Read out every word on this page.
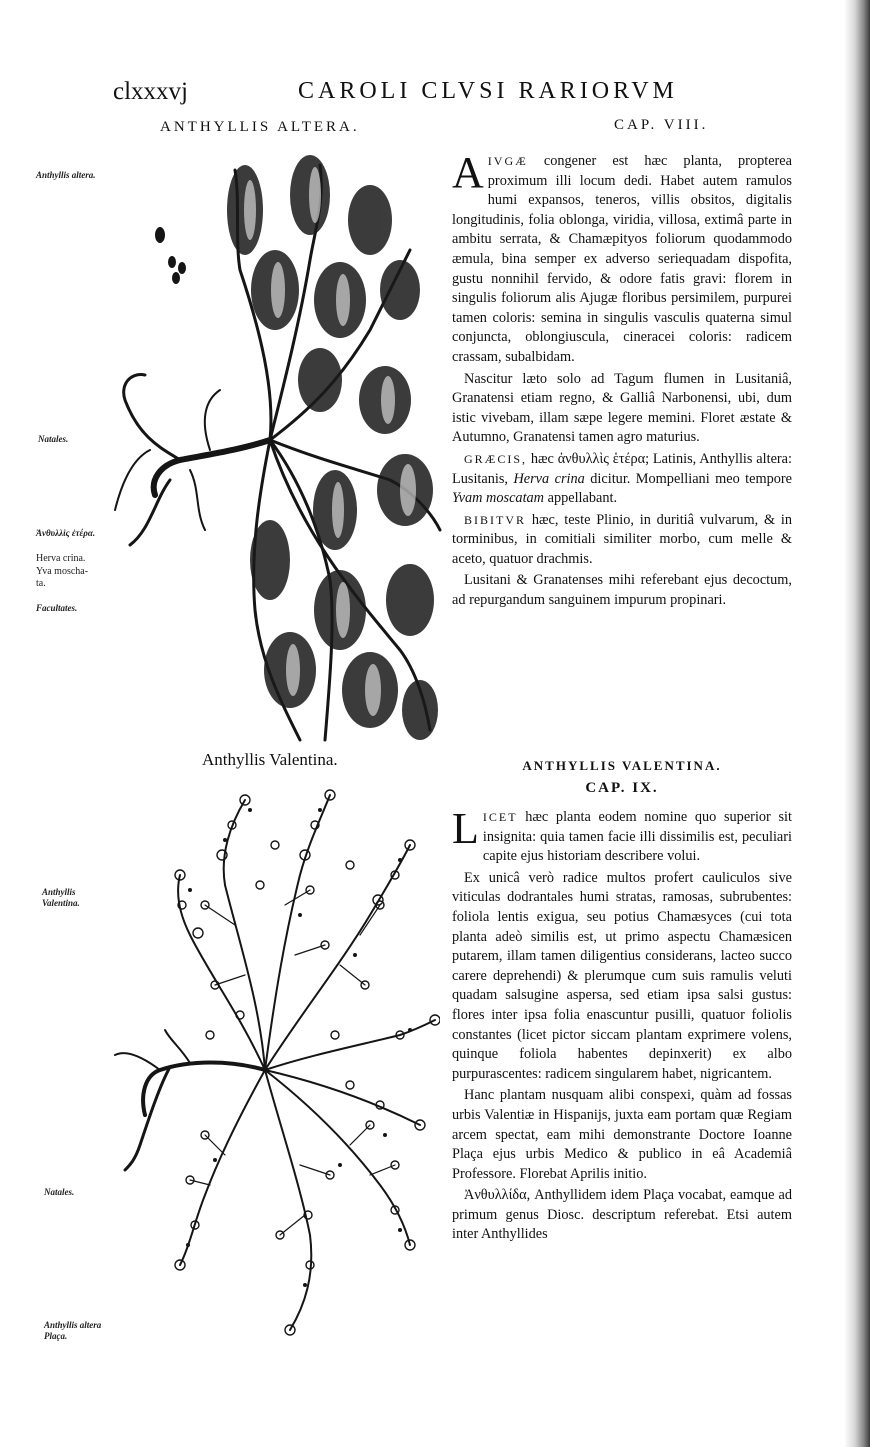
clxxxvj	CAROLI CLVSI RARIORVM
ANTHYLLIS ALTERA.	CAP. VIII.
Anthyllis altera.
Natales.
Ἀνθυλλὶς ἑτέρα.
Herva crina.
Yva moscha-
ta.
Facultates.
Anthyllis Valentina.
Natales.
Anthyllis altera Plaça.
Anthyllis Valentina.

A IVGÆ congener est hæc planta, propterea proximum illi locum dedi. Habet autem ramulos humi expansos, teneros, villis obsitos, digitalis longitudinis, folia oblonga, viridia, villosa, extimâ parte in ambitu serrata, & Chamæpityos foliorum quodammodo æmula, bina semper ex adverso seriequadam dispofita, gustu nonnihil fervido, & odore fatis gravi: florem in singulis foliorum alis Ajugæ floribus persimilem, purpurei tamen coloris: semina in singulis vasculis quaterna simul conjuncta, oblongiuscula, cineracei coloris: radicem crassam, subalbidam.

Nascitur læto solo ad Tagum flumen in Lusitaniâ, Granatensi etiam regno, & Galliâ Narbonensi, ubi, dum istic vivebam, illam sæpe legere memini. Floret æstate & Autumno, Granatensi tamen agro maturius.

GRÆCIS, hæc ἀνθυλλὶς ἑτέρα; Latinis, Anthyllis altera: Lusitanis, Herva crina dicitur. Mompelliani meo tempore Yvam moscatam appellabant.

BIBITVR hæc, teste Plinio, in duritiâ vulvarum, & in torminibus, in comitiali similiter morbo, cum melle & aceto, quatuor drachmis.

Lusitani & Granatenses mihi referebant ejus decoctum, ad repurgandum sanguinem impurum propinari.

ANTHYLLIS VALENTINA.
CAP. IX.

L ICET hæc planta eodem nomine quo superior sit insignita: quia tamen facie illi dissimilis est, peculiari capite ejus historiam describere volui.

Ex unicâ verò radice multos profert cauliculos sive viticulas dodrantales humi stratas, ramosas, subrubentes: foliola lentis exigua, seu potius Chamæsyces (cui tota planta adeò similis est, ut primo aspectu Chamæsicen putarem, illam tamen diligentius considerans, lacteo succo carere deprehendi) & plerumque cum suis ramulis veluti quadam salsugine aspersa, sed etiam ipsa salsi gustus: flores inter ipsa folia enascuntur pusilli, quatuor foliolis constantes (licet pictor siccam plantam exprimere volens, quinque foliola habentes depinxerit) ex albo purpurascentes: radicem singularem habet, nigricantem.

Hanc plantam nusquam alibi conspexi, quàm ad fossas urbis Valentiæ in Hispanijs, juxta eam portam quæ Regiam arcem spectat, eam mihi demonstrante Doctore Ioanne Plaça ejus urbis Medico & publico in eâ Academiâ Professore. Florebat Aprilis initio.

Ἀνθυλλίδα, Anthyllidem idem Plaça vocabat, eamque ad primum genus Diosc. descriptum referebat. Etsi autem inter Anthyllides
